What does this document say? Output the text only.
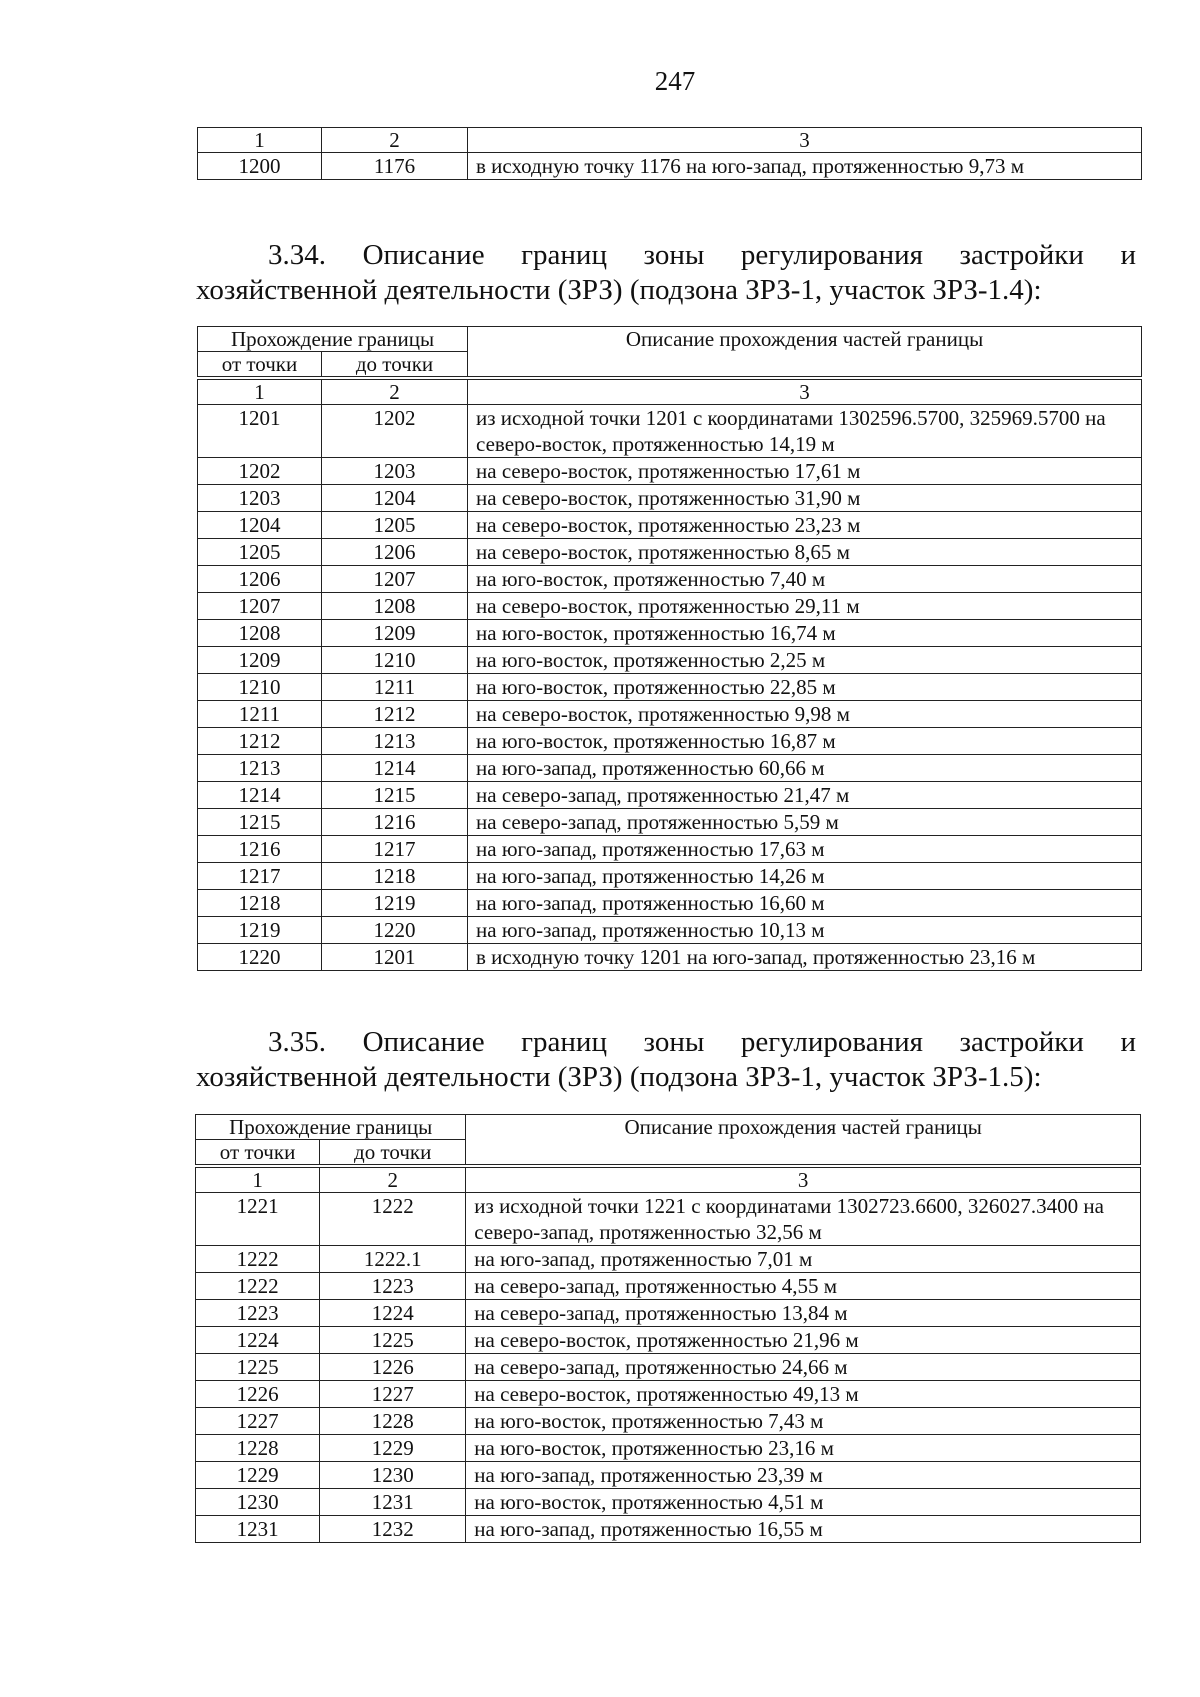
247
1	2	3
1200	1176	в исходную точку 1176 на юго-запад, протяженностью 9,73 м
3.34. Описание границ зоны регулирования застройки и хозяйственной деятельности (ЗРЗ) (подзона ЗРЗ-1, участок ЗРЗ-1.4):
Прохождение границы		Описание прохождения частей границы
от точки	до точки	
1	2	3
1201	1202	из исходной точки 1201 с координатами 1302596.5700, 325969.5700 на северо-восток, протяженностью 14,19 м
1202	1203	на северо-восток, протяженностью 17,61 м
1203	1204	на северо-восток, протяженностью 31,90 м
1204	1205	на северо-восток, протяженностью 23,23 м
1205	1206	на северо-восток, протяженностью 8,65 м
1206	1207	на юго-восток, протяженностью 7,40 м
1207	1208	на северо-восток, протяженностью 29,11 м
1208	1209	на юго-восток, протяженностью 16,74 м
1209	1210	на юго-восток, протяженностью 2,25 м
1210	1211	на юго-восток, протяженностью 22,85 м
1211	1212	на северо-восток, протяженностью 9,98 м
1212	1213	на юго-восток, протяженностью 16,87 м
1213	1214	на юго-запад, протяженностью 60,66 м
1214	1215	на северо-запад, протяженностью 21,47 м
1215	1216	на северо-запад, протяженностью 5,59 м
1216	1217	на юго-запад, протяженностью 17,63 м
1217	1218	на юго-запад, протяженностью 14,26 м
1218	1219	на юго-запад, протяженностью 16,60 м
1219	1220	на юго-запад, протяженностью 10,13 м
1220	1201	в исходную точку 1201 на юго-запад, протяженностью 23,16 м
3.35. Описание границ зоны регулирования застройки и хозяйственной деятельности (ЗРЗ) (подзона ЗРЗ-1, участок ЗРЗ-1.5):
Прохождение границы		Описание прохождения частей границы
от точки	до точки	
1	2	3
1221	1222	из исходной точки 1221 с координатами 1302723.6600, 326027.3400 на северо-запад, протяженностью 32,56 м
1222	1222.1	на юго-запад, протяженностью 7,01 м
1222	1223	на северо-запад, протяженностью 4,55 м
1223	1224	на северо-запад, протяженностью 13,84 м
1224	1225	на северо-восток, протяженностью 21,96 м
1225	1226	на северо-запад, протяженностью 24,66 м
1226	1227	на северо-восток, протяженностью 49,13 м
1227	1228	на юго-восток, протяженностью 7,43 м
1228	1229	на юго-восток, протяженностью 23,16 м
1229	1230	на юго-запад, протяженностью 23,39 м
1230	1231	на юго-восток, протяженностью 4,51 м
1231	1232	на юго-запад, протяженностью 16,55 м
